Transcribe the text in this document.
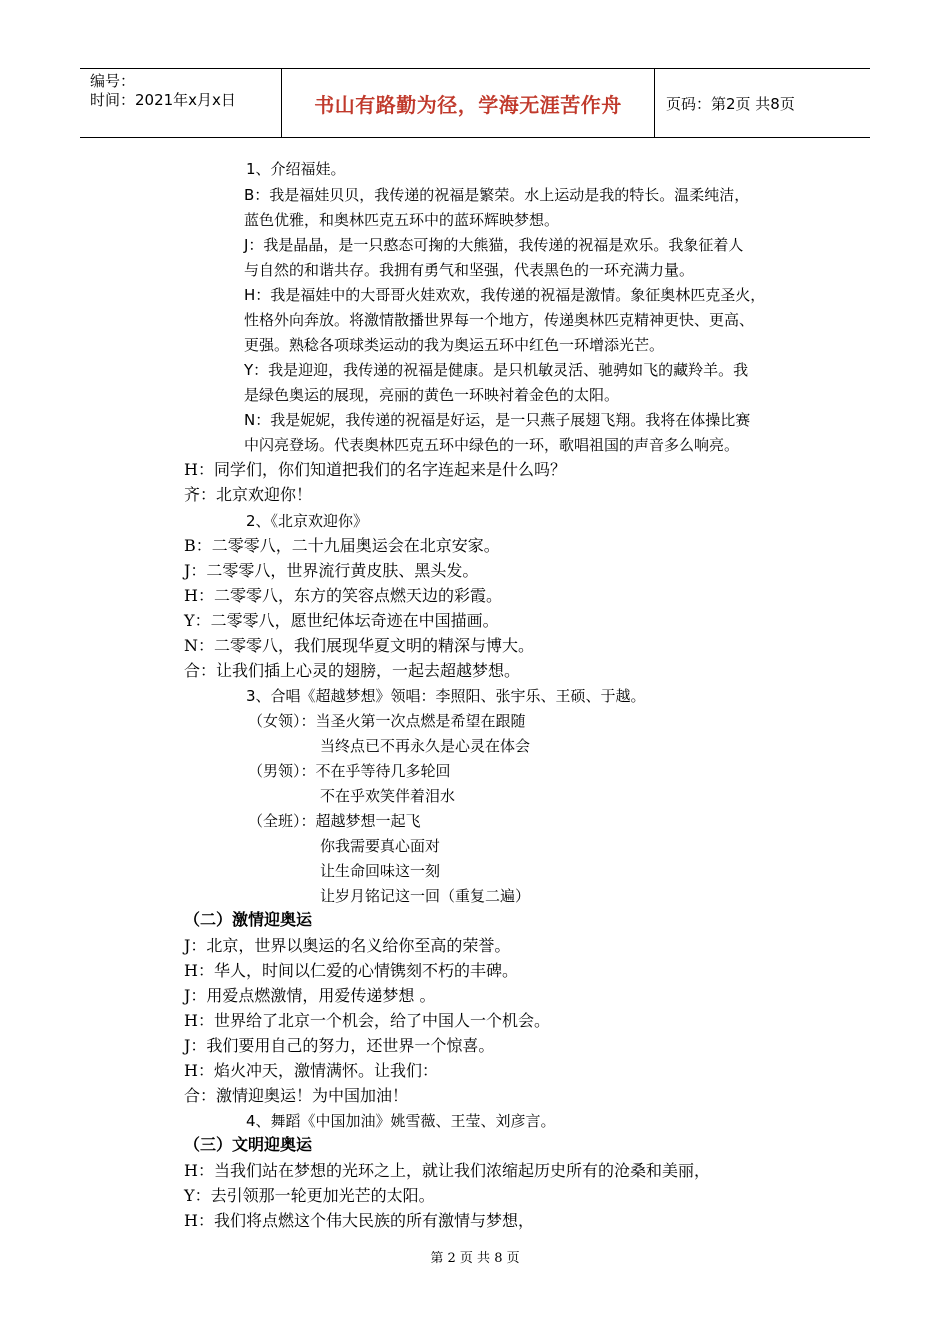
编号：
时间：2021年x月x日	书山有路勤为径，学海无涯苦作舟	页码：第2页 共8页
1、介绍福娃。
B：我是福娃贝贝，我传递的祝福是繁荣。水上运动是我的特长。温柔纯洁，
蓝色优雅，和奥林匹克五环中的蓝环辉映梦想。
J：我是晶晶，是一只憨态可掬的大熊猫，我传递的祝福是欢乐。我象征着人
与自然的和谐共存。我拥有勇气和坚强，代表黑色的一环充满力量。
H：我是福娃中的大哥哥火娃欢欢，我传递的祝福是激情。象征奥林匹克圣火，
性格外向奔放。将激情散播世界每一个地方，传递奥林匹克精神更快、更高、
更强。熟稔各项球类运动的我为奥运五环中红色一环增添光芒。
Y：我是迎迎，我传递的祝福是健康。是只机敏灵活、驰骋如飞的藏羚羊。我
是绿色奥运的展现，亮丽的黄色一环映衬着金色的太阳。
N：我是妮妮，我传递的祝福是好运，是一只燕子展翅飞翔。我将在体操比赛
中闪亮登场。代表奥林匹克五环中绿色的一环，歌唱祖国的声音多么响亮。
H：同学们，你们知道把我们的名字连起来是什么吗？
齐：北京欢迎你！
2、《北京欢迎你》
B：二零零八，二十九届奥运会在北京安家。
J：二零零八，世界流行黄皮肤、黑头发。
H：二零零八，东方的笑容点燃天边的彩霞。
Y：二零零八，愿世纪体坛奇迹在中国描画。
N：二零零八，我们展现华夏文明的精深与博大。
合：让我们插上心灵的翅膀，一起去超越梦想。
3、合唱《超越梦想》领唱：李照阳、张宇乐、王硕、于越。
（女领）：当圣火第一次点燃是希望在跟随
当终点已不再永久是心灵在体会
（男领）：不在乎等待几多轮回
不在乎欢笑伴着泪水
（全班）：超越梦想一起飞
你我需要真心面对
让生命回味这一刻
让岁月铭记这一回（重复二遍）
（二）激情迎奥运
J：北京，世界以奥运的名义给你至高的荣誉。
H：华人，时间以仁爱的心情镌刻不朽的丰碑。
J：用爱点燃激情，用爱传递梦想 。
H：世界给了北京一个机会，给了中国人一个机会。
J：我们要用自己的努力，还世界一个惊喜。
H：焰火冲天，激情满怀。让我们：
合：激情迎奥运！为中国加油！
4、舞蹈《中国加油》姚雪薇、王莹、刘彦言。
（三）文明迎奥运
H：当我们站在梦想的光环之上，就让我们浓缩起历史所有的沧桑和美丽，
Y：去引领那一轮更加光芒的太阳。
H：我们将点燃这个伟大民族的所有激情与梦想，
第 2 页 共 8 页
